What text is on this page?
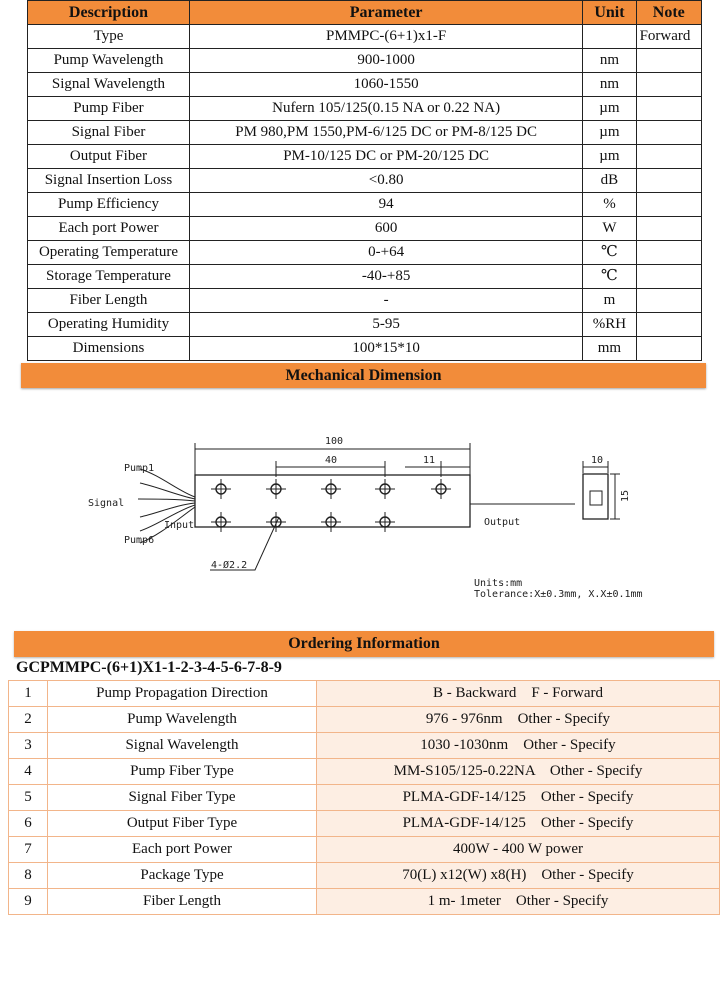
Description	Parameter	Unit	Note
Type	PMMPC-(6+1)x1-F		Forward
Pump Wavelength	900-1000	nm	
Signal Wavelength	1060-1550	nm	
Pump Fiber	Nufern 105/125(0.15 NA or 0.22 NA)	µm	
Signal Fiber	PM 980,PM 1550,PM-6/125 DC or PM-8/125 DC	µm	
Output Fiber	PM-10/125 DC or PM-20/125 DC	µm	
Signal Insertion Loss	<0.80	dB	
Pump Efficiency	94	%	
Each port Power	600	W	
Operating Temperature	0-+64	℃	
Storage Temperature	-40-+85	℃	
Fiber Length	-	m	
Operating Humidity	5-95	%RH	
Dimensions	100*15*10	mm	
Mechanical Dimension
100
40	11
Pump1
Signal
Input
Pump6
Output
4-Ø2.2
10
15
Units:mm
Tolerance:X±0.3mm, X.X±0.1mm
Ordering Information
GCPMMPC-(6+1)X1-1-2-3-4-5-6-7-8-9
1	Pump Propagation Direction	B - Backward    F - Forward
2	Pump Wavelength	976 - 976nm    Other - Specify
3	Signal Wavelength	1030 -1030nm    Other - Specify
4	Pump Fiber Type	MM-S105/125-0.22NA    Other - Specify
5	Signal Fiber Type	PLMA-GDF-14/125    Other - Specify
6	Output Fiber Type	PLMA-GDF-14/125    Other - Specify
7	Each port Power	400W - 400 W power
8	Package Type	70(L) x12(W) x8(H)    Other - Specify
9	Fiber Length	1 m- 1meter    Other - Specify
